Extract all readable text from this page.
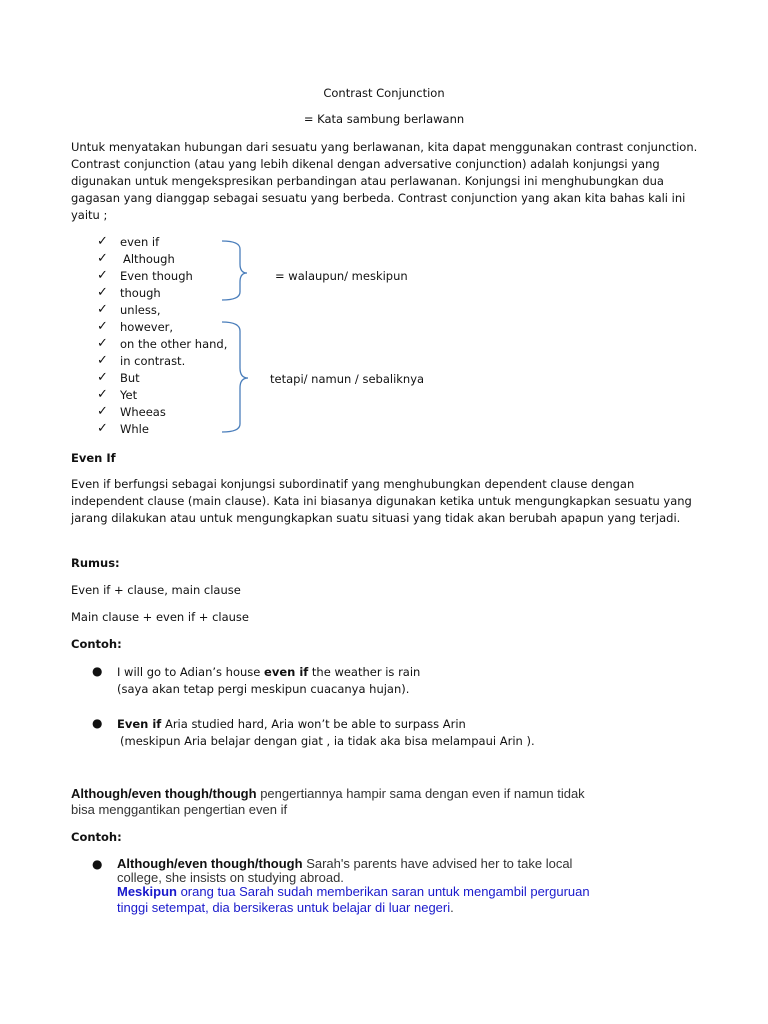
Contrast Conjunction
= Kata sambung berlawann
Untuk menyatakan hubungan dari sesuatu yang berlawanan, kita dapat menggunakan contrast conjunction. Contrast conjunction (atau yang lebih dikenal dengan adversative conjunction) adalah konjungsi yang digunakan untuk mengekspresikan perbandingan atau perlawanan. Konjungsi ini menghubungkan dua gagasan yang dianggap sebagai sesuatu yang berbeda. Contrast conjunction yang akan kita bahas kali ini yaitu ;
✓ even if
✓ Although
✓ Even though
✓ though
✓ unless,
✓ however,
✓ on the other hand,
✓ in contrast.
✓ But
✓ Yet
✓ Wheeas
✓ Whle
= walaupun/ meskipun
tetapi/ namun / sebaliknya
Even If
Even if berfungsi sebagai konjungsi subordinatif yang menghubungkan dependent clause dengan independent clause (main clause). Kata ini biasanya digunakan ketika untuk mengungkapkan sesuatu yang jarang dilakukan atau untuk mengungkapkan suatu situasi yang tidak akan berubah apapun yang terjadi.
Rumus:
Even if + clause, main clause
Main clause + even if + clause
Contoh:
● I will go to Adian’s house even if the weather is rain
(saya akan tetap pergi meskipun cuacanya hujan).
● Even if Aria studied hard, Aria won’t be able to surpass Arin
(meskipun Aria belajar dengan giat , ia tidak aka bisa melampaui Arin ).
Although/even though/though pengertiannya hampir sama dengan even if namun tidak
bisa menggantikan pengertian even if
Contoh:
● Although/even though/though Sarah's parents have advised her to take local
college, she insists on studying abroad.
Meskipun orang tua Sarah sudah memberikan saran untuk mengambil perguruan
tinggi setempat, dia bersikeras untuk belajar di luar negeri.
